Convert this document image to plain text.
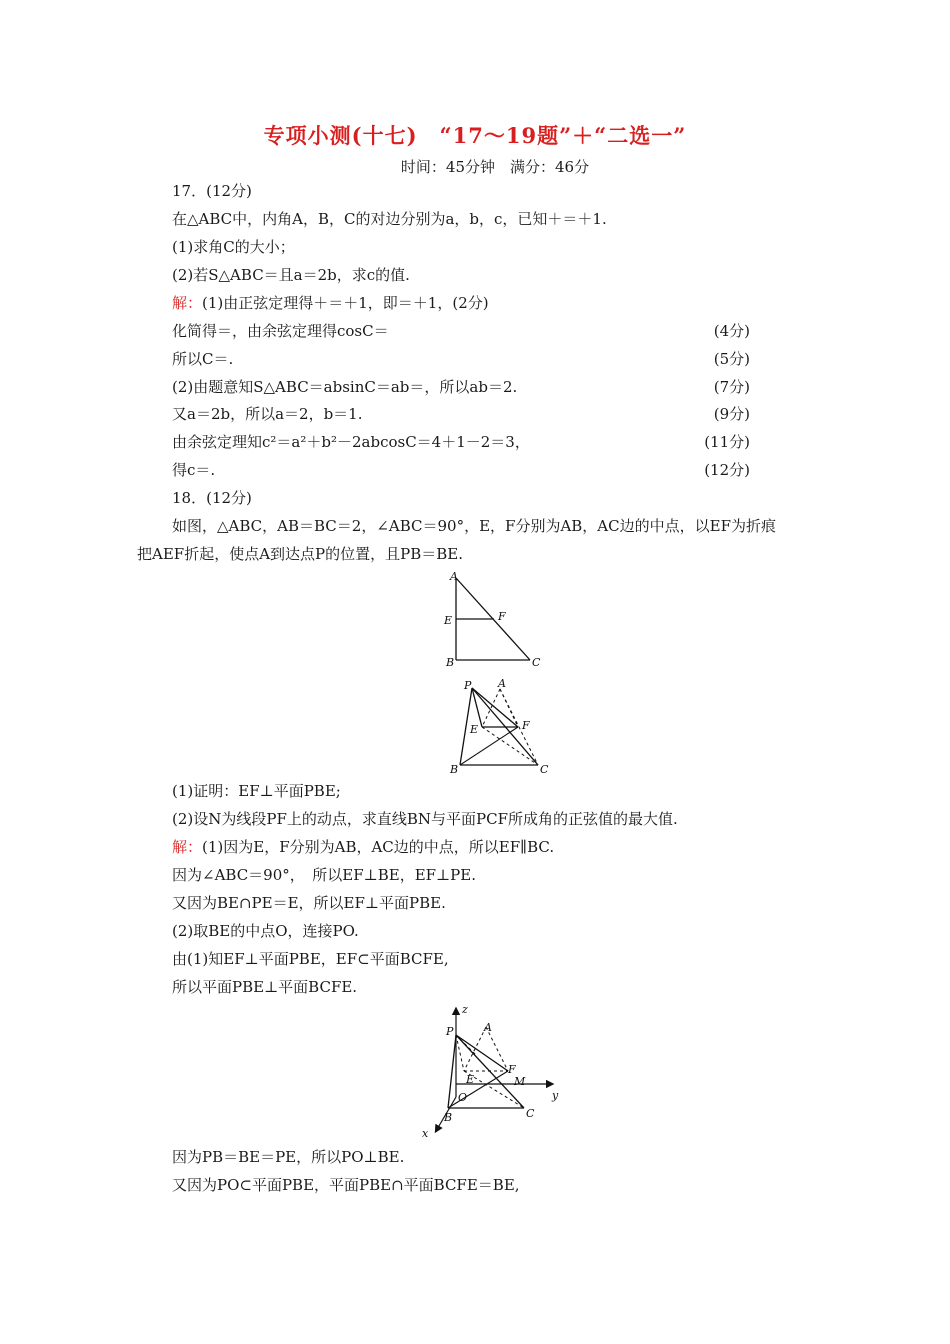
专项小测(十七)　“17～19题”＋“二选一”
时间：45分钟　满分：46分
17．(12分)
在△ABC中，内角A，B，C的对边分别为a，b，c，已知＋＝＋1.
(1)求角C的大小；
(2)若S△ABC＝且a＝2b，求c的值.
解：(1)由正弦定理得＋＝＋1，即＝＋1，(2分)
化简得＝，由余弦定理得cosC＝	(4分)
所以C＝.	(5分)
(2)由题意知S△ABC＝absinC＝ab＝，所以ab＝2.	(7分)
又a＝2b，所以a＝2，b＝1.	(9分)
由余弦定理知c²＝a²＋b²－2abcosC＝4＋1－2＝3，	(11分)
得c＝.	(12分)
18．(12分)
如图，△ABC，AB＝BC＝2，∠ABC＝90°，E，F分别为AB，AC边的中点，以EF为折痕
把AEF折起，使点A到达点P的位置，且PB＝BE.
A
E	F
B	C
P A
E	F
B	C
(1)证明：EF⊥平面PBE;
(2)设N为线段PF上的动点，求直线BN与平面PCF所成角的正弦值的最大值.
解：(1)因为E，F分别为AB，AC边的中点，所以EF∥BC.
因为∠ABC＝90°，　所以EF⊥BE，EF⊥PE.
又因为BE∩PE＝E，所以EF⊥平面PBE.
(2)取BE的中点O，连接PO.
由(1)知EF⊥平面PBE，EF⊂平面BCFE,
所以平面PBE⊥平面BCFE.
z
P	A
F
E	M
O	y
B	C
x
因为PB＝BE＝PE，所以PO⊥BE.
又因为PO⊂平面PBE，平面PBE∩平面BCFE＝BE,
